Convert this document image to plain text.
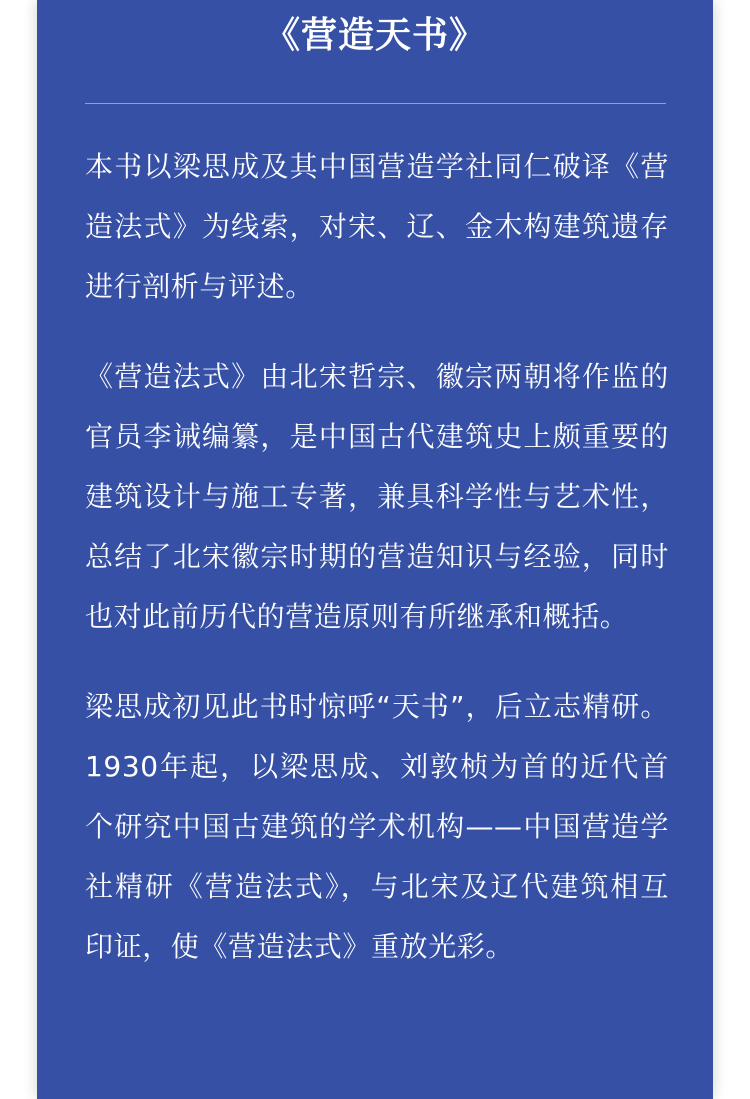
《营造天书》

本书以梁思成及其中国营造学社同仁破译《营造法式》为线索，对宋、辽、金木构建筑遗存进行剖析与评述。

《营造法式》由北宋哲宗、徽宗两朝将作监的官员李诫编纂，是中国古代建筑史上颇重要的建筑设计与施工专著，兼具科学性与艺术性，总结了北宋徽宗时期的营造知识与经验，同时也对此前历代的营造原则有所继承和概括。

梁思成初见此书时惊呼“天书”，后立志精研。1930年起，以梁思成、刘敦桢为首的近代首个研究中国古建筑的学术机构——中国营造学社精研《营造法式》，与北宋及辽代建筑相互印证，使《营造法式》重放光彩。
